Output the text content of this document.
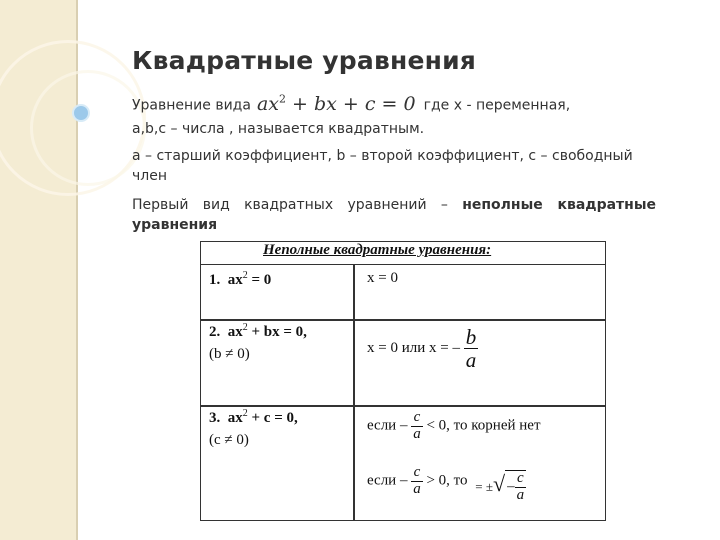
Квадратные уравнения
Уравнение вида $ax^2$ + bx + c = 0 где x - переменная,
a,b,c – числа , называется квадратным.
a – старший коэффициент, b – второй коэффициент, c – свободный член
Первый вид квадратных уравнений – неполные квадратные уравнения
Неполные квадратные уравнения:
1. $ax^2 = 0$	x = 0
2. $ax^2$ + bx = 0,
(b ≠ 0)	x = 0 или x = – $\frac{b}{a}$
3. $ax^2 + c = 0$,
(c ≠ 0)
если – $\frac{c}{a} < 0$, то корней нет
если – $\frac{c}{a} > 0$, то = ±√ – $\frac{c}{a}$
